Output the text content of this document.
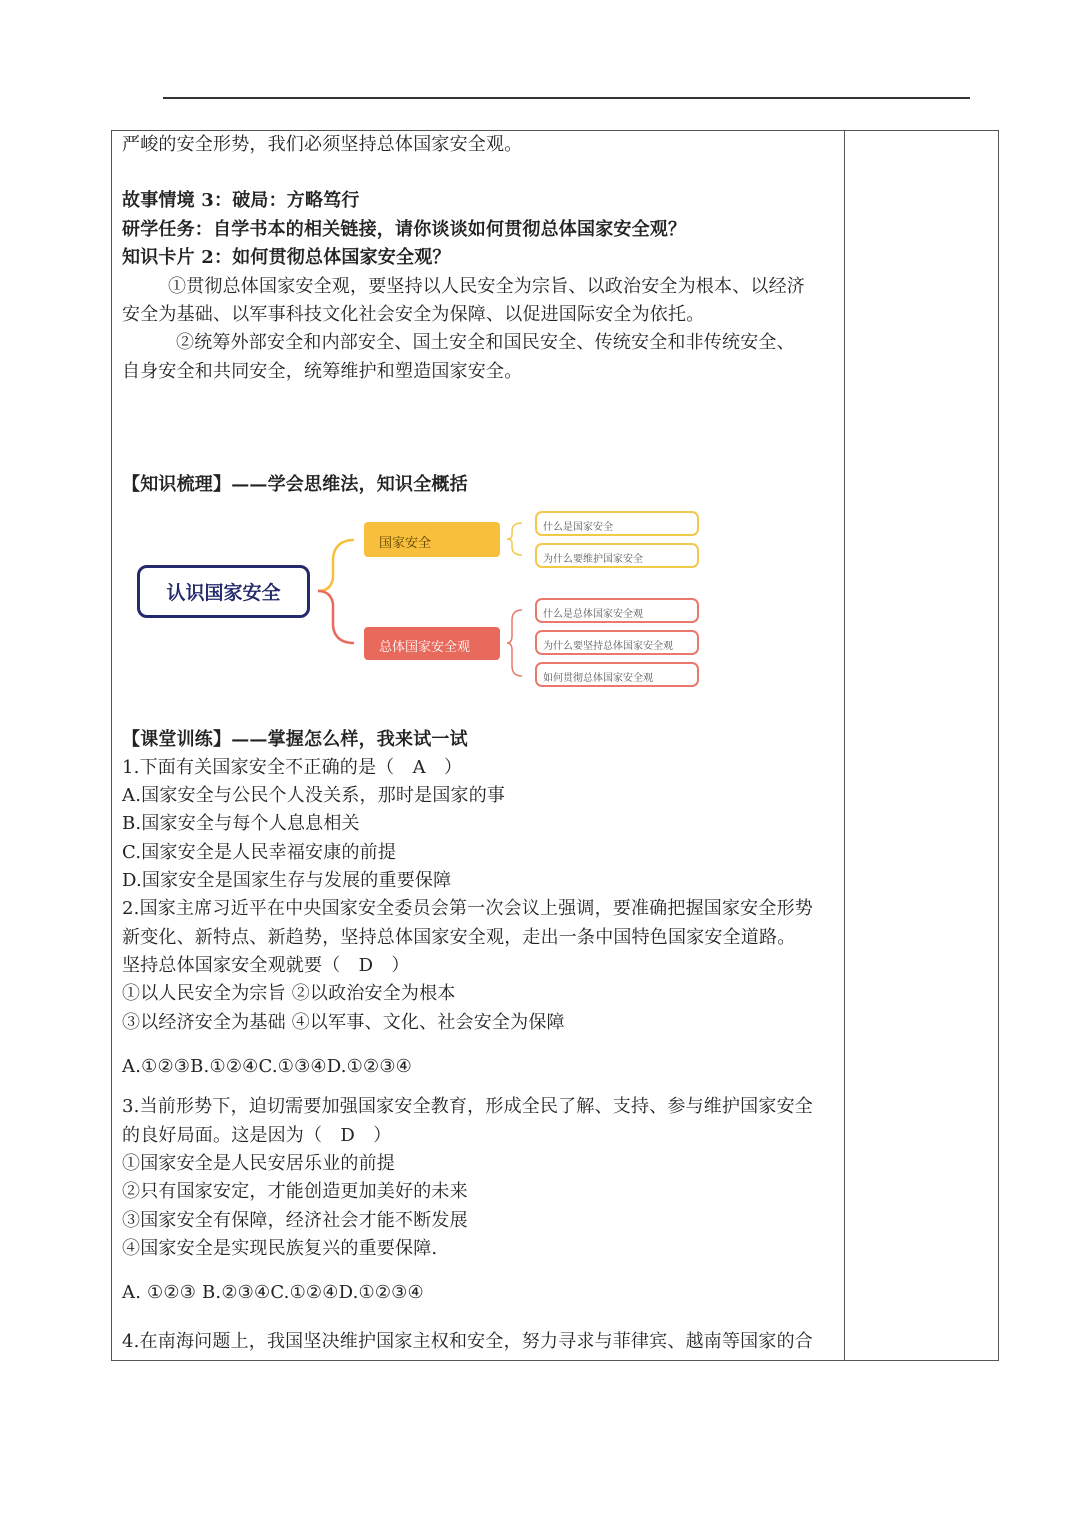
严峻的安全形势，我们必须坚持总体国家安全观。
故事情境 3：破局：方略笃行
研学任务：自学书本的相关链接，请你谈谈如何贯彻总体国家安全观？
知识卡片 2：如何贯彻总体国家安全观？
①贯彻总体国家安全观，要坚持以人民安全为宗旨、以政治安全为根本、以经济
安全为基础、以军事科技文化社会安全为保障、以促进国际安全为依托。
②统筹外部安全和内部安全、国土安全和国民安全、传统安全和非传统安全、
自身安全和共同安全，统筹维护和塑造国家安全。
【知识梳理】——学会思维法，知识全概括
认识国家安全
国家安全
总体国家安全观
什么是国家安全
为什么要维护国家安全
什么是总体国家安全观
为什么要坚持总体国家安全观
如何贯彻总体国家安全观
【课堂训练】——掌握怎么样，我来试一试
1.下面有关国家安全不正确的是（　A　）
A.国家安全与公民个人没关系，那时是国家的事
B.国家安全与每个人息息相关
C.国家安全是人民幸福安康的前提
D.国家安全是国家生存与发展的重要保障
2.国家主席习近平在中央国家安全委员会第一次会议上强调，要准确把握国家安全形势
新变化、新特点、新趋势，坚持总体国家安全观，走出一条中国特色国家安全道路。
坚持总体国家安全观就要（　D　）
①以人民安全为宗旨 ②以政治安全为根本
③以经济安全为基础 ④以军事、文化、社会安全为保障
A.①②③B.①②④C.①③④D.①②③④
3.当前形势下，迫切需要加强国家安全教育，形成全民了解、支持、参与维护国家安全
的良好局面。这是因为（　D　）
①国家安全是人民安居乐业的前提
②只有国家安定，才能创造更加美好的未来
③国家安全有保障，经济社会才能不断发展
④国家安全是实现民族复兴的重要保障.
A. ①②③ B.②③④C.①②④D.①②③④
4.在南海问题上，我国坚决维护国家主权和安全，努力寻求与菲律宾、越南等国家的合
